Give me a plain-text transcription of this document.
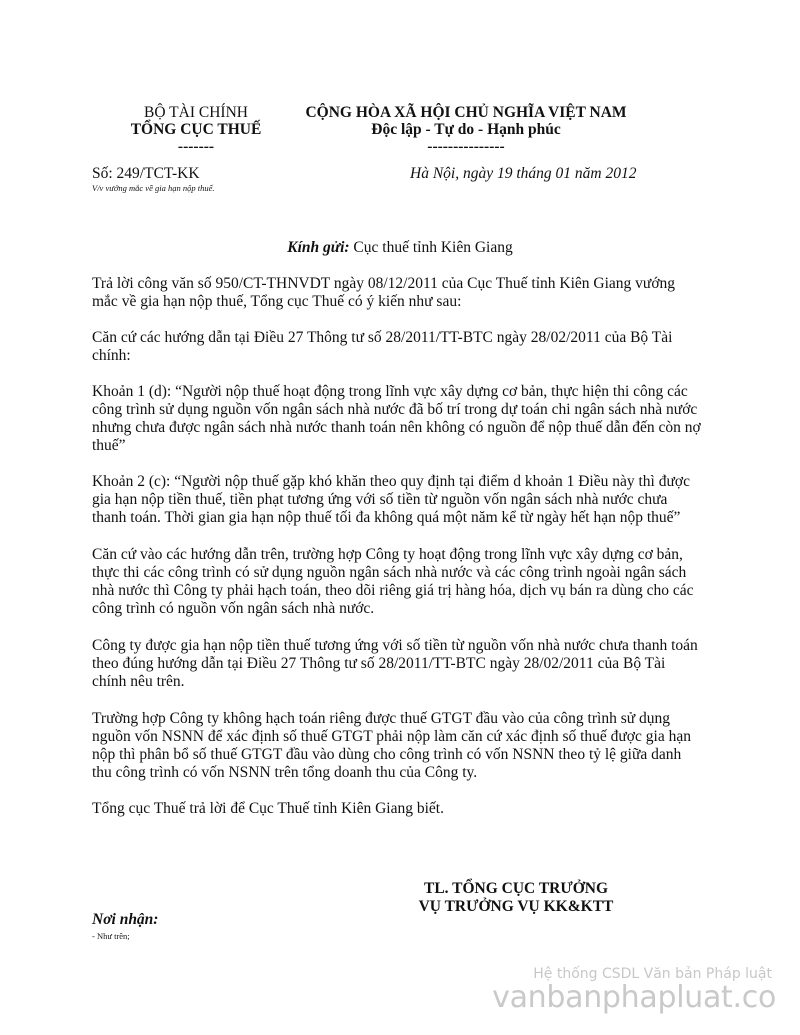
BỘ TÀI CHÍNH
TỔNG CỤC THUẾ
-------
CỘNG HÒA XÃ HỘI CHỦ NGHĨA VIỆT NAM
Độc lập - Tự do - Hạnh phúc
---------------
Số: 249/TCT-KK
V/v vướng mắc về gia hạn nộp thuế.
Hà Nội, ngày 19 tháng 01 năm 2012
Kính gửi: Cục thuế tỉnh Kiên Giang

Trả lời công văn số 950/CT-THNVDT ngày 08/12/2011 của Cục Thuế tỉnh Kiên Giang vướng mắc về gia hạn nộp thuế, Tổng cục Thuế có ý kiến như sau:

Căn cứ các hướng dẫn tại Điều 27 Thông tư số 28/2011/TT-BTC ngày 28/02/2011 của Bộ Tài chính:

Khoản 1 (d): “Người nộp thuế hoạt động trong lĩnh vực xây dựng cơ bản, thực hiện thi công các công trình sử dụng nguồn vốn ngân sách nhà nước đã bố trí trong dự toán chi ngân sách nhà nước nhưng chưa được ngân sách nhà nước thanh toán nên không có nguồn để nộp thuế dẫn đến còn nợ thuế”

Khoản 2 (c): “Người nộp thuế gặp khó khăn theo quy định tại điểm d khoản 1 Điều này thì được gia hạn nộp tiền thuế, tiền phạt tương ứng với số tiền từ nguồn vốn ngân sách nhà nước chưa thanh toán. Thời gian gia hạn nộp thuế tối đa không quá một năm kể từ ngày hết hạn nộp thuế”

Căn cứ vào các hướng dẫn trên, trường hợp Công ty hoạt động trong lĩnh vực xây dựng cơ bản, thực thi các công trình có sử dụng nguồn ngân sách nhà nước và các công trình ngoài ngân sách nhà nước thì Công ty phải hạch toán, theo dõi riêng giá trị hàng hóa, dịch vụ bán ra dùng cho các công trình có nguồn vốn ngân sách nhà nước.

Công ty được gia hạn nộp tiền thuế tương ứng với số tiền từ nguồn vốn nhà nước chưa thanh toán theo đúng hướng dẫn tại Điều 27 Thông tư số 28/2011/TT-BTC ngày 28/02/2011 của Bộ Tài chính nêu trên.

Trường hợp Công ty không hạch toán riêng được thuế GTGT đầu vào của công trình sử dụng nguồn vốn NSNN để xác định số thuế GTGT phải nộp làm căn cứ xác định số thuế được gia hạn nộp thì phân bổ số thuế GTGT đầu vào dùng cho công trình có vốn NSNN theo tỷ lệ giữa danh thu công trình có vốn NSNN trên tổng doanh thu của Công ty.

Tổng cục Thuế trả lời để Cục Thuế tỉnh Kiên Giang biết.

TL. TỔNG CỤC TRƯỞNG
VỤ TRƯỞNG VỤ KK&KTT
Nơi nhận:
- Như trên;
Hệ thống CSDL Văn bản Pháp luật
vanbanphapluat.co
